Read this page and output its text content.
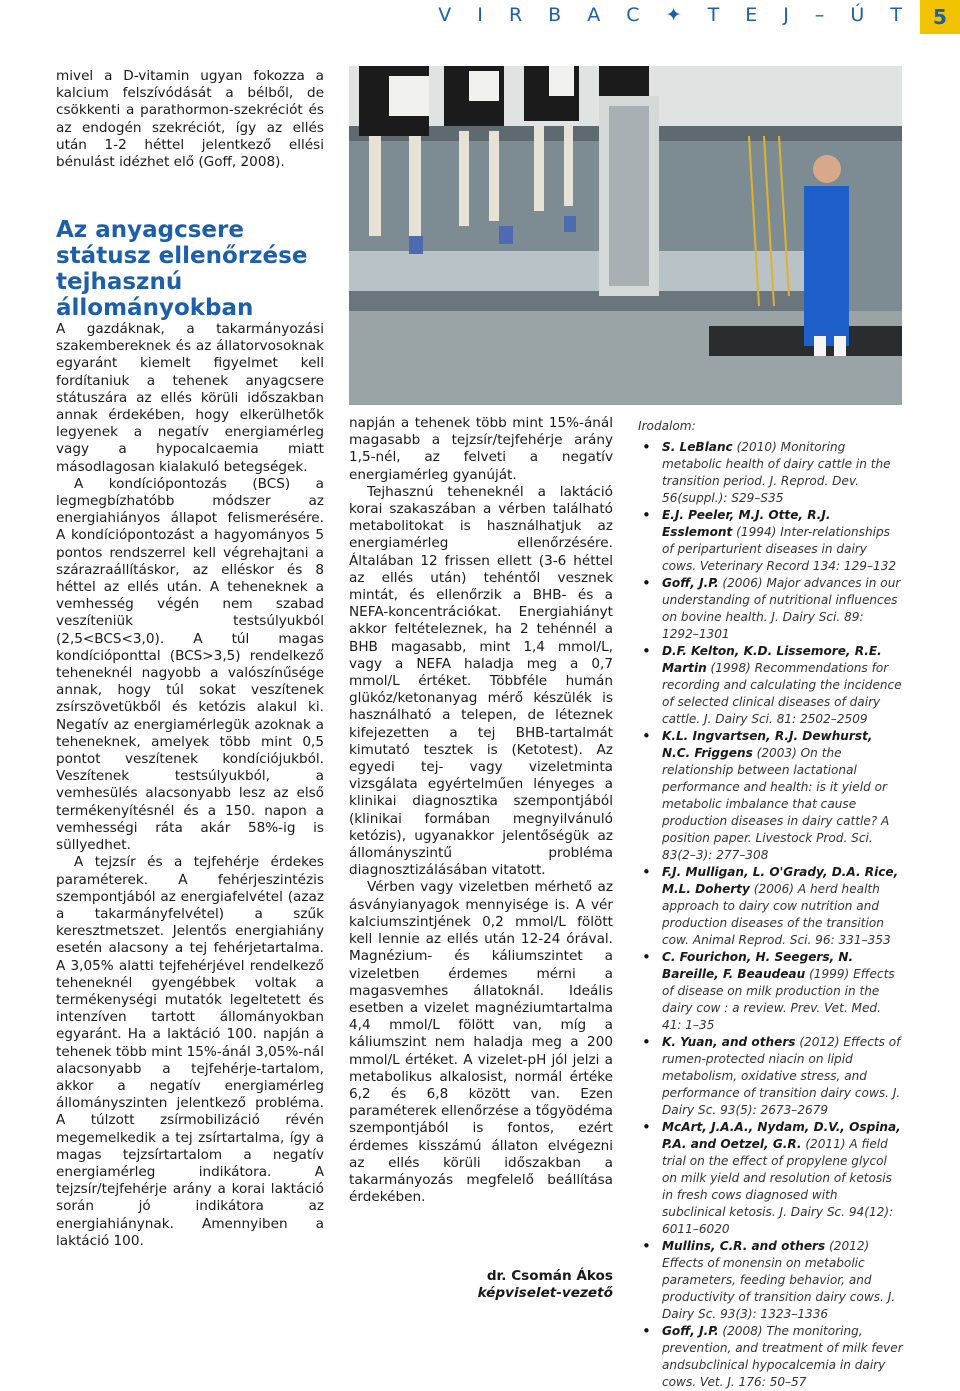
V I R B A C ✦ T E J – Ú T	5

mivel a D-vitamin ugyan fokozza a kalcium felszívódását a bélből, de csökkenti a parathormon-szekréciót és az endogén szekréciót, így az ellés után 1-2 héttel jelentkező ellési bénulást idézhet elő (Goff, 2008).

Az anyagcsere státusz ellenőrzése tejhasznú állományokban

A gazdáknak, a takarmányozási szakembereknek és az állatorvosoknak egyaránt kiemelt figyelmet kell fordítaniuk a tehenek anyagcsere státuszára az ellés körüli időszakban annak érdekében, hogy elkerülhetők legyenek a negatív energiamérleg vagy a hypocalcaemia miatt másodlagosan kialakuló betegségek.

A kondíciópontozás (BCS) a legmegbízhatóbb módszer az energiahiányos állapot felismerésére. A kondíciópontozást a hagyományos 5 pontos rendszerrel kell végrehajtani a szárazraállításkor, az elléskor és 8 héttel az ellés után. A teheneknek a vemhesség végén nem szabad veszíteniük testsúlyukból (2,5<BCS<3,0). A túl magas kondícióponttal (BCS>3,5) rendelkező teheneknél nagyobb a valószínűsége annak, hogy túl sokat veszítenek zsírszövetükből és ketózis alakul ki. Negatív az energiamérlegük azoknak a teheneknek, amelyek több mint 0,5 pontot veszítenek kondíciójukból. Veszítenek testsúlyukból, a vemhesülés alacsonyabb lesz az első termékenyítésnél és a 150. napon a vemhességi ráta akár 58%-ig is süllyedhet.

A tejzsír és a tejfehérje érdekes paraméterek. A fehérjeszintézis szempontjából az energiafelvétel (azaz a takarmányfelvétel) a szűk keresztmetszet. Jelentős energiahiány esetén alacsony a tej fehérjetartalma. A 3,05% alatti tejfehérjével rendelkező teheneknél gyengébbek voltak a termékenységi mutatók legeltetett és intenzíven tartott állományokban egyaránt. Ha a laktáció 100. napján a tehenek több mint 15%-ánál 3,05%-nál alacsonyabb a tejfehérje-tartalom, akkor a negatív energiamérleg állományszinten jelentkező probléma. A túlzott zsírmobilizáció révén megemelkedik a tej zsírtartalma, így a magas tejzsírtartalom a negatív energiamérleg indikátora. A tejzsír/tejfehérje arány a korai laktáció során jó indikátora az energiahiánynak. Amennyiben a laktáció 100.

napján a tehenek több mint 15%-ánál magasabb a tejzsír/tejfehérje arány 1,5-nél, az felveti a negatív energiamérleg gyanúját.

Tejhasznú teheneknél a laktáció korai szakaszában a vérben található metabolitokat is használhatjuk az energiamérleg ellenőrzésére. Általában 12 frissen ellett (3-6 héttel az ellés után) tehéntől vesznek mintát, és ellenőrzik a BHB- és a NEFA-koncentrációkat. Energiahiányt akkor feltételeznek, ha 2 tehénnél a BHB magasabb, mint 1,4 mmol/L, vagy a NEFA haladja meg a 0,7 mmol/L értéket. Többféle humán glükóz/ketonanyag mérő készülék is használható a telepen, de léteznek kifejezetten a tej BHB-tartalmát kimutató tesztek is (Ketotest). Az egyedi tej- vagy vizeletminta vizsgálata egyértelműen lényeges a klinikai diagnosztika szempontjából (klinikai formában megnyilvánuló ketózis), ugyanakkor jelentőségük az állományszintű probléma diagnosztizálásában vitatott.

Vérben vagy vizeletben mérhető az ásványianyagok mennyisége is. A vér kalciumszintjének 0,2 mmol/L fölött kell lennie az ellés után 12-24 órával. Magnézium- és káliumszintet a vizeletben érdemes mérni a magasvemhes állatoknál. Ideális esetben a vizelet magnéziumtartalma 4,4 mmol/L fölött van, míg a káliumszint nem haladja meg a 200 mmol/L értéket. A vizelet-pH jól jelzi a metabolikus alkalosist, normál értéke 6,2 és 6,8 között van. Ezen paraméterek ellenőrzése a tőgyödéma szempontjából is fontos, ezért érdemes kisszámú állaton elvégezni az ellés körüli időszakban a takarmányozás megfelelő beállítása érdekében.

dr. Csomán Ákos
képviselet-vezető
Irodalom:
• S. LeBlanc (2010) Monitoring metabolic health of dairy cattle in the transition period. J. Reprod. Dev. 56(suppl.): S29–S35
• E.J. Peeler, M.J. Otte, R.J. Esslemont (1994) Inter-relationships of periparturient diseases in dairy cows. Veterinary Record 134: 129–132
• Goff, J.P. (2006) Major advances in our understanding of nutritional influences on bovine health. J. Dairy Sci. 89: 1292–1301
• D.F. Kelton, K.D. Lissemore, R.E. Martin (1998) Recommendations for recording and calculating the incidence of selected clinical diseases of dairy cattle. J. Dairy Sci. 81: 2502–2509
• K.L. Ingvartsen, R.J. Dewhurst, N.C. Friggens (2003) On the relationship between lactational performance and health: is it yield or metabolic imbalance that cause production diseases in dairy cattle? A position paper. Livestock Prod. Sci. 83(2–3): 277–308
• F.J. Mulligan, L. O'Grady, D.A. Rice, M.L. Doherty (2006) A herd health approach to dairy cow nutrition and production diseases of the transition cow. Animal Reprod. Sci. 96: 331–353
• C. Fourichon, H. Seegers, N. Bareille, F. Beaudeau (1999) Effects of disease on milk production in the dairy cow : a review. Prev. Vet. Med. 41: 1–35
• K. Yuan, and others (2012) Effects of rumen-protected niacin on lipid metabolism, oxidative stress, and performance of transition dairy cows. J. Dairy Sc. 93(5): 2673–2679
• McArt, J.A.A., Nydam, D.V., Ospina, P.A. and Oetzel, G.R. (2011) A field trial on the effect of propylene glycol on milk yield and resolution of ketosis in fresh cows diagnosed with subclinical ketosis. J. Dairy Sc. 94(12): 6011–6020
• Mullins, C.R. and others (2012) Effects of monensin on metabolic parameters, feeding behavior, and productivity of transition dairy cows. J. Dairy Sc. 93(3): 1323–1336
• Goff, J.P. (2008) The monitoring, prevention, and treatment of milk fever andsubclinical hypocalcemia in dairy cows. Vet. J. 176: 50–57
